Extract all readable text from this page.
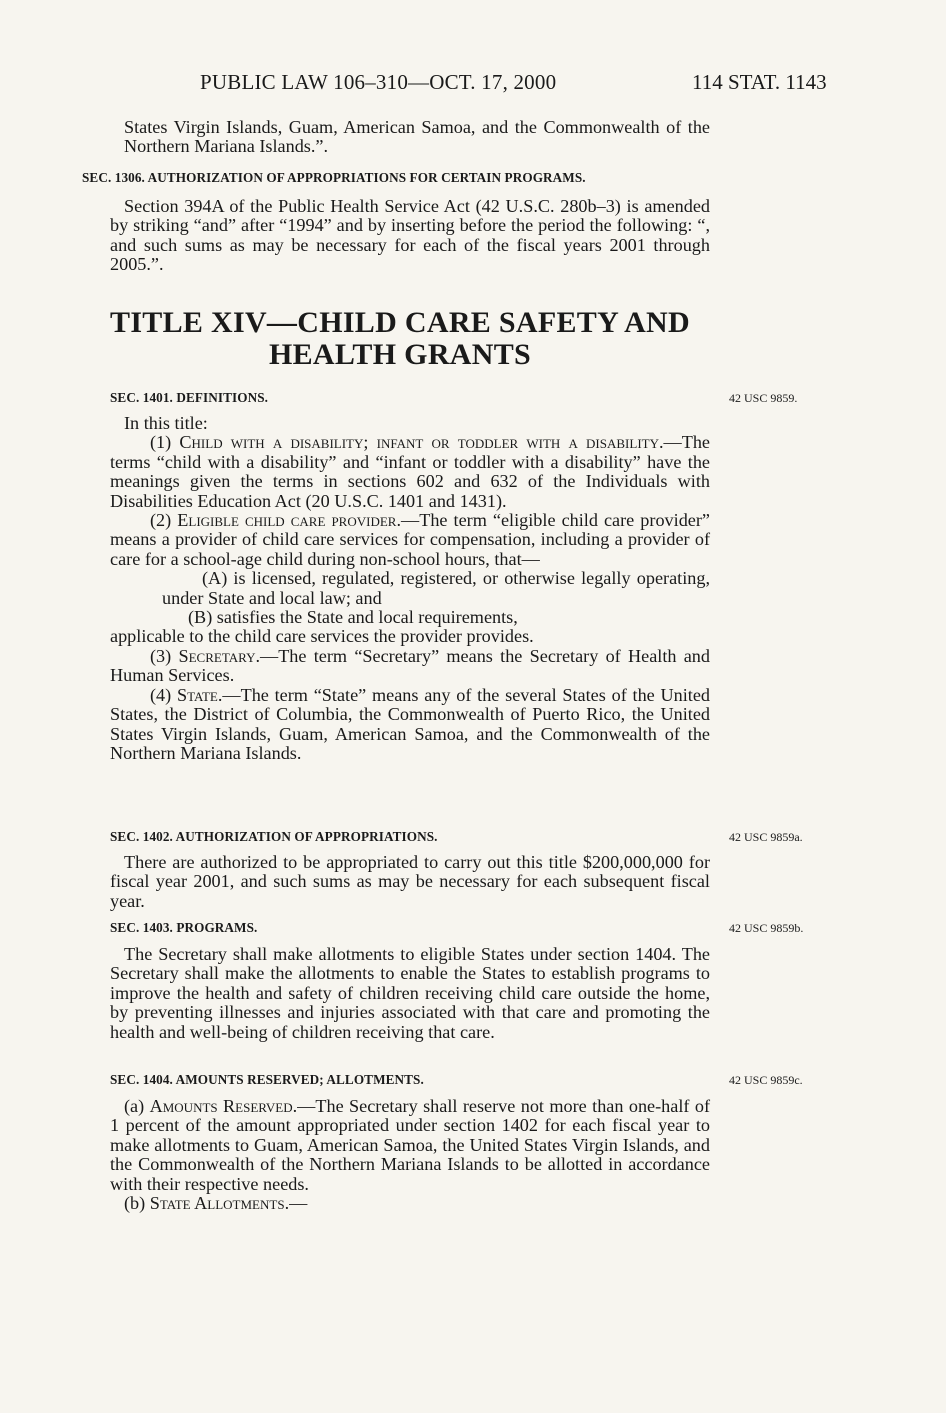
PUBLIC LAW 106–310—OCT. 17, 2000	114 STAT. 1143

States Virgin Islands, Guam, American Samoa, and the Commonwealth of the Northern Mariana Islands.”.

SEC. 1306. AUTHORIZATION OF APPROPRIATIONS FOR CERTAIN PROGRAMS.

Section 394A of the Public Health Service Act (42 U.S.C. 280b–3) is amended by striking “and” after “1994” and by inserting before the period the following: “, and such sums as may be necessary for each of the fiscal years 2001 through 2005.”.

TITLE XIV—CHILD CARE SAFETY AND
HEALTH GRANTS

SEC. 1401. DEFINITIONS.	42 USC 9859.

In this title:

(1) Child with a disability; infant or toddler with a disability.—The terms “child with a disability” and “infant or toddler with a disability” have the meanings given the terms in sections 602 and 632 of the Individuals with Disabilities Education Act (20 U.S.C. 1401 and 1431).

(2) Eligible child care provider.—The term “eligible child care provider” means a provider of child care services for compensation, including a provider of care for a school-age child during non-school hours, that—

(A) is licensed, regulated, registered, or otherwise legally operating, under State and local law; and

(B) satisfies the State and local requirements,

applicable to the child care services the provider provides.

(3) Secretary.—The term “Secretary” means the Secretary of Health and Human Services.

(4) State.—The term “State” means any of the several States of the United States, the District of Columbia, the Commonwealth of Puerto Rico, the United States Virgin Islands, Guam, American Samoa, and the Commonwealth of the Northern Mariana Islands.

SEC. 1402. AUTHORIZATION OF APPROPRIATIONS.	42 USC 9859a.

There are authorized to be appropriated to carry out this title $200,000,000 for fiscal year 2001, and such sums as may be necessary for each subsequent fiscal year.

SEC. 1403. PROGRAMS.	42 USC 9859b.

The Secretary shall make allotments to eligible States under section 1404. The Secretary shall make the allotments to enable the States to establish programs to improve the health and safety of children receiving child care outside the home, by preventing illnesses and injuries associated with that care and promoting the health and well-being of children receiving that care.

SEC. 1404. AMOUNTS RESERVED; ALLOTMENTS.	42 USC 9859c.

(a) Amounts Reserved.—The Secretary shall reserve not more than one-half of 1 percent of the amount appropriated under section 1402 for each fiscal year to make allotments to Guam, American Samoa, the United States Virgin Islands, and the Commonwealth of the Northern Mariana Islands to be allotted in accordance with their respective needs.

(b) State Allotments.—
